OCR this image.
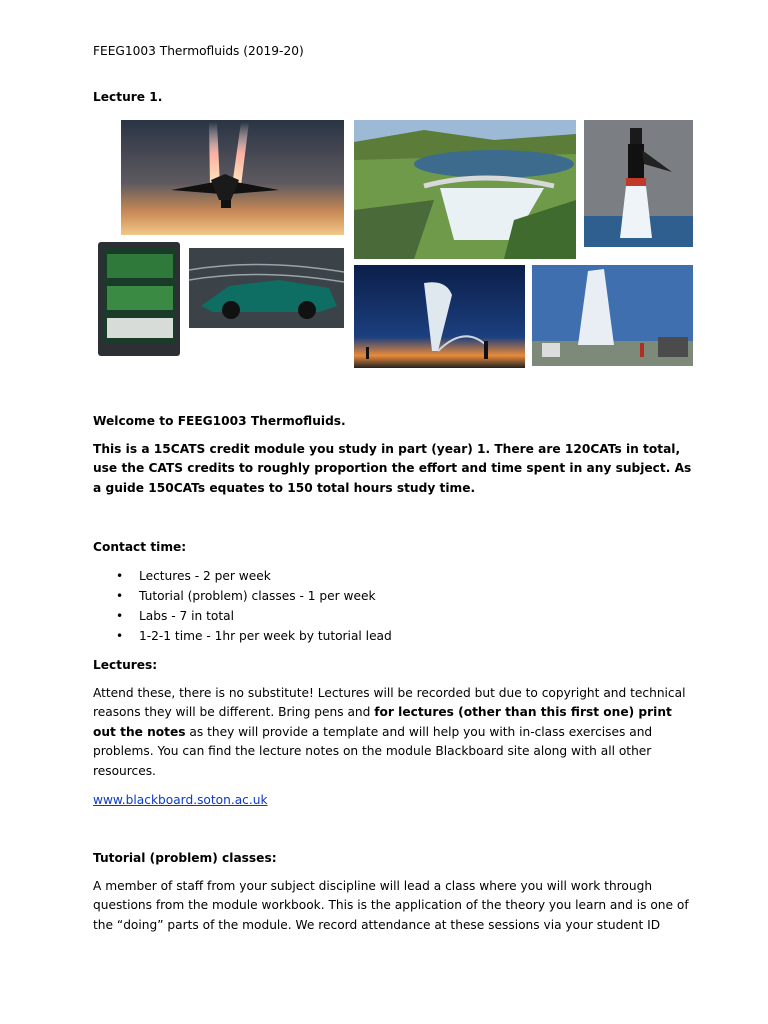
FEEG1003 Thermofluids (2019-20)
Lecture 1.
Welcome to FEEG1003 Thermofluids.
This is a 15CATS credit module you study in part (year) 1. There are 120CATs in total, use the CATS credits to roughly proportion the effort and time spent in any subject. As a guide 150CATs equates to 150 total hours study time.
Contact time:
• Lectures - 2 per week
• Tutorial (problem) classes - 1 per week
• Labs - 7 in total
• 1-2-1 time - 1hr per week by tutorial lead
Lectures:
Attend these, there is no substitute! Lectures will be recorded but due to copyright and technical reasons they will be different. Bring pens and for lectures (other than this first one) print out the notes as they will provide a template and will help you with in-class exercises and problems. You can find the lecture notes on the module Blackboard site along with all other resources.
www.blackboard.soton.ac.uk
Tutorial (problem) classes:
A member of staff from your subject discipline will lead a class where you will work through questions from the module workbook. This is the application of the theory you learn and is one of the “doing” parts of the module. We record attendance at these sessions via your student ID
